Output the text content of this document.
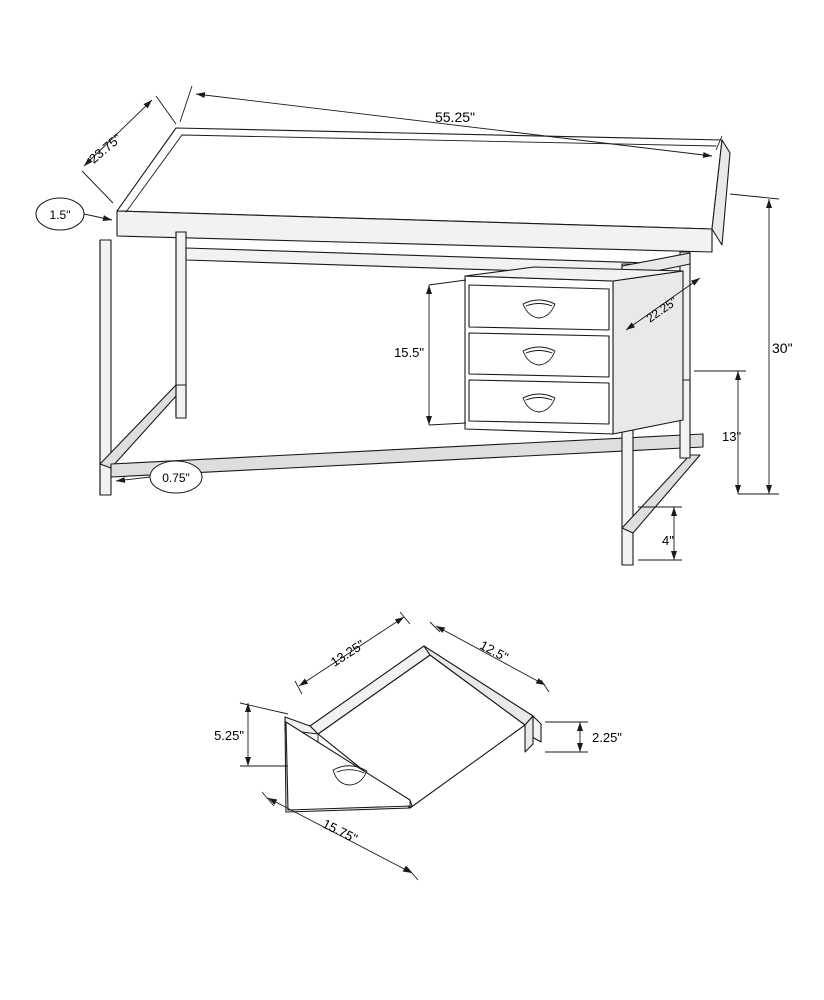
55.25"
23.75"
1.5"
0.75"
30"
13"
4"
15.5"
22.25"
13.25"	12.5"
5.25"	2.25"
15.75"
